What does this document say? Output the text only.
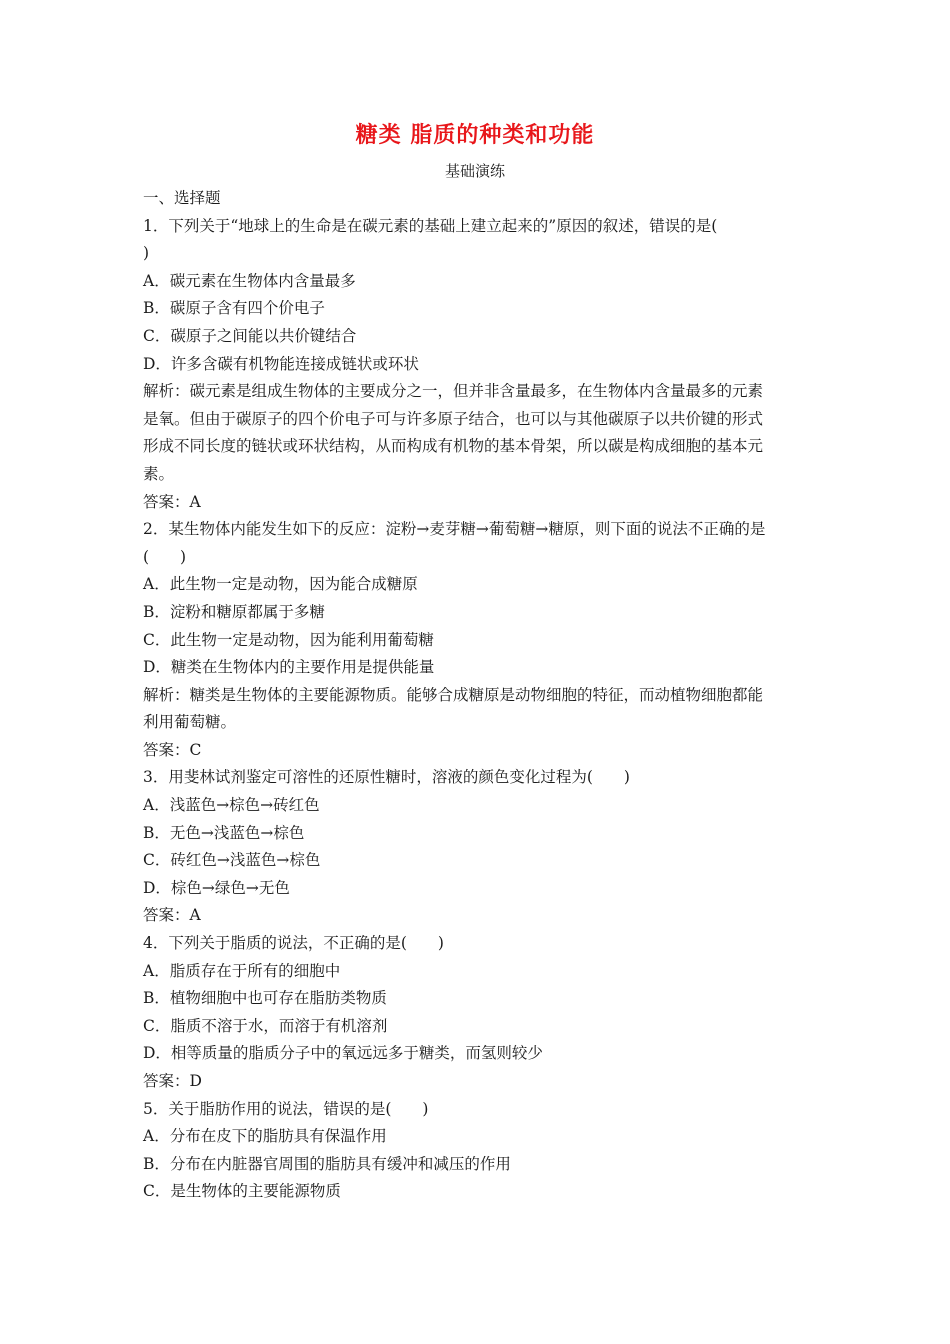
糖类 脂质的种类和功能
基础演练
一、选择题
1．下列关于“地球上的生命是在碳元素的基础上建立起来的”原因的叙述，错误的是(
)
A．碳元素在生物体内含量最多
B．碳原子含有四个价电子
C．碳原子之间能以共价键结合
D．许多含碳有机物能连接成链状或环状
解析：碳元素是组成生物体的主要成分之一，但并非含量最多，在生物体内含量最多的元素
是氧。但由于碳原子的四个价电子可与许多原子结合，也可以与其他碳原子以共价键的形式
形成不同长度的链状或环状结构，从而构成有机物的基本骨架，所以碳是构成细胞的基本元
素。
答案：A
2．某生物体内能发生如下的反应：淀粉→麦芽糖→葡萄糖→糖原，则下面的说法不正确的是
(　　)
A．此生物一定是动物，因为能合成糖原
B．淀粉和糖原都属于多糖
C．此生物一定是动物，因为能利用葡萄糖
D．糖类在生物体内的主要作用是提供能量
解析：糖类是生物体的主要能源物质。能够合成糖原是动物细胞的特征，而动植物细胞都能
利用葡萄糖。
答案：C
3．用斐林试剂鉴定可溶性的还原性糖时，溶液的颜色变化过程为(　　)
A．浅蓝色→棕色→砖红色
B．无色→浅蓝色→棕色
C．砖红色→浅蓝色→棕色
D．棕色→绿色→无色
答案：A
4．下列关于脂质的说法，不正确的是(　　)
A．脂质存在于所有的细胞中
B．植物细胞中也可存在脂肪类物质
C．脂质不溶于水，而溶于有机溶剂
D．相等质量的脂质分子中的氧远远多于糖类，而氢则较少
答案：D
5．关于脂肪作用的说法，错误的是(　　)
A．分布在皮下的脂肪具有保温作用
B．分布在内脏器官周围的脂肪具有缓冲和减压的作用
C．是生物体的主要能源物质
